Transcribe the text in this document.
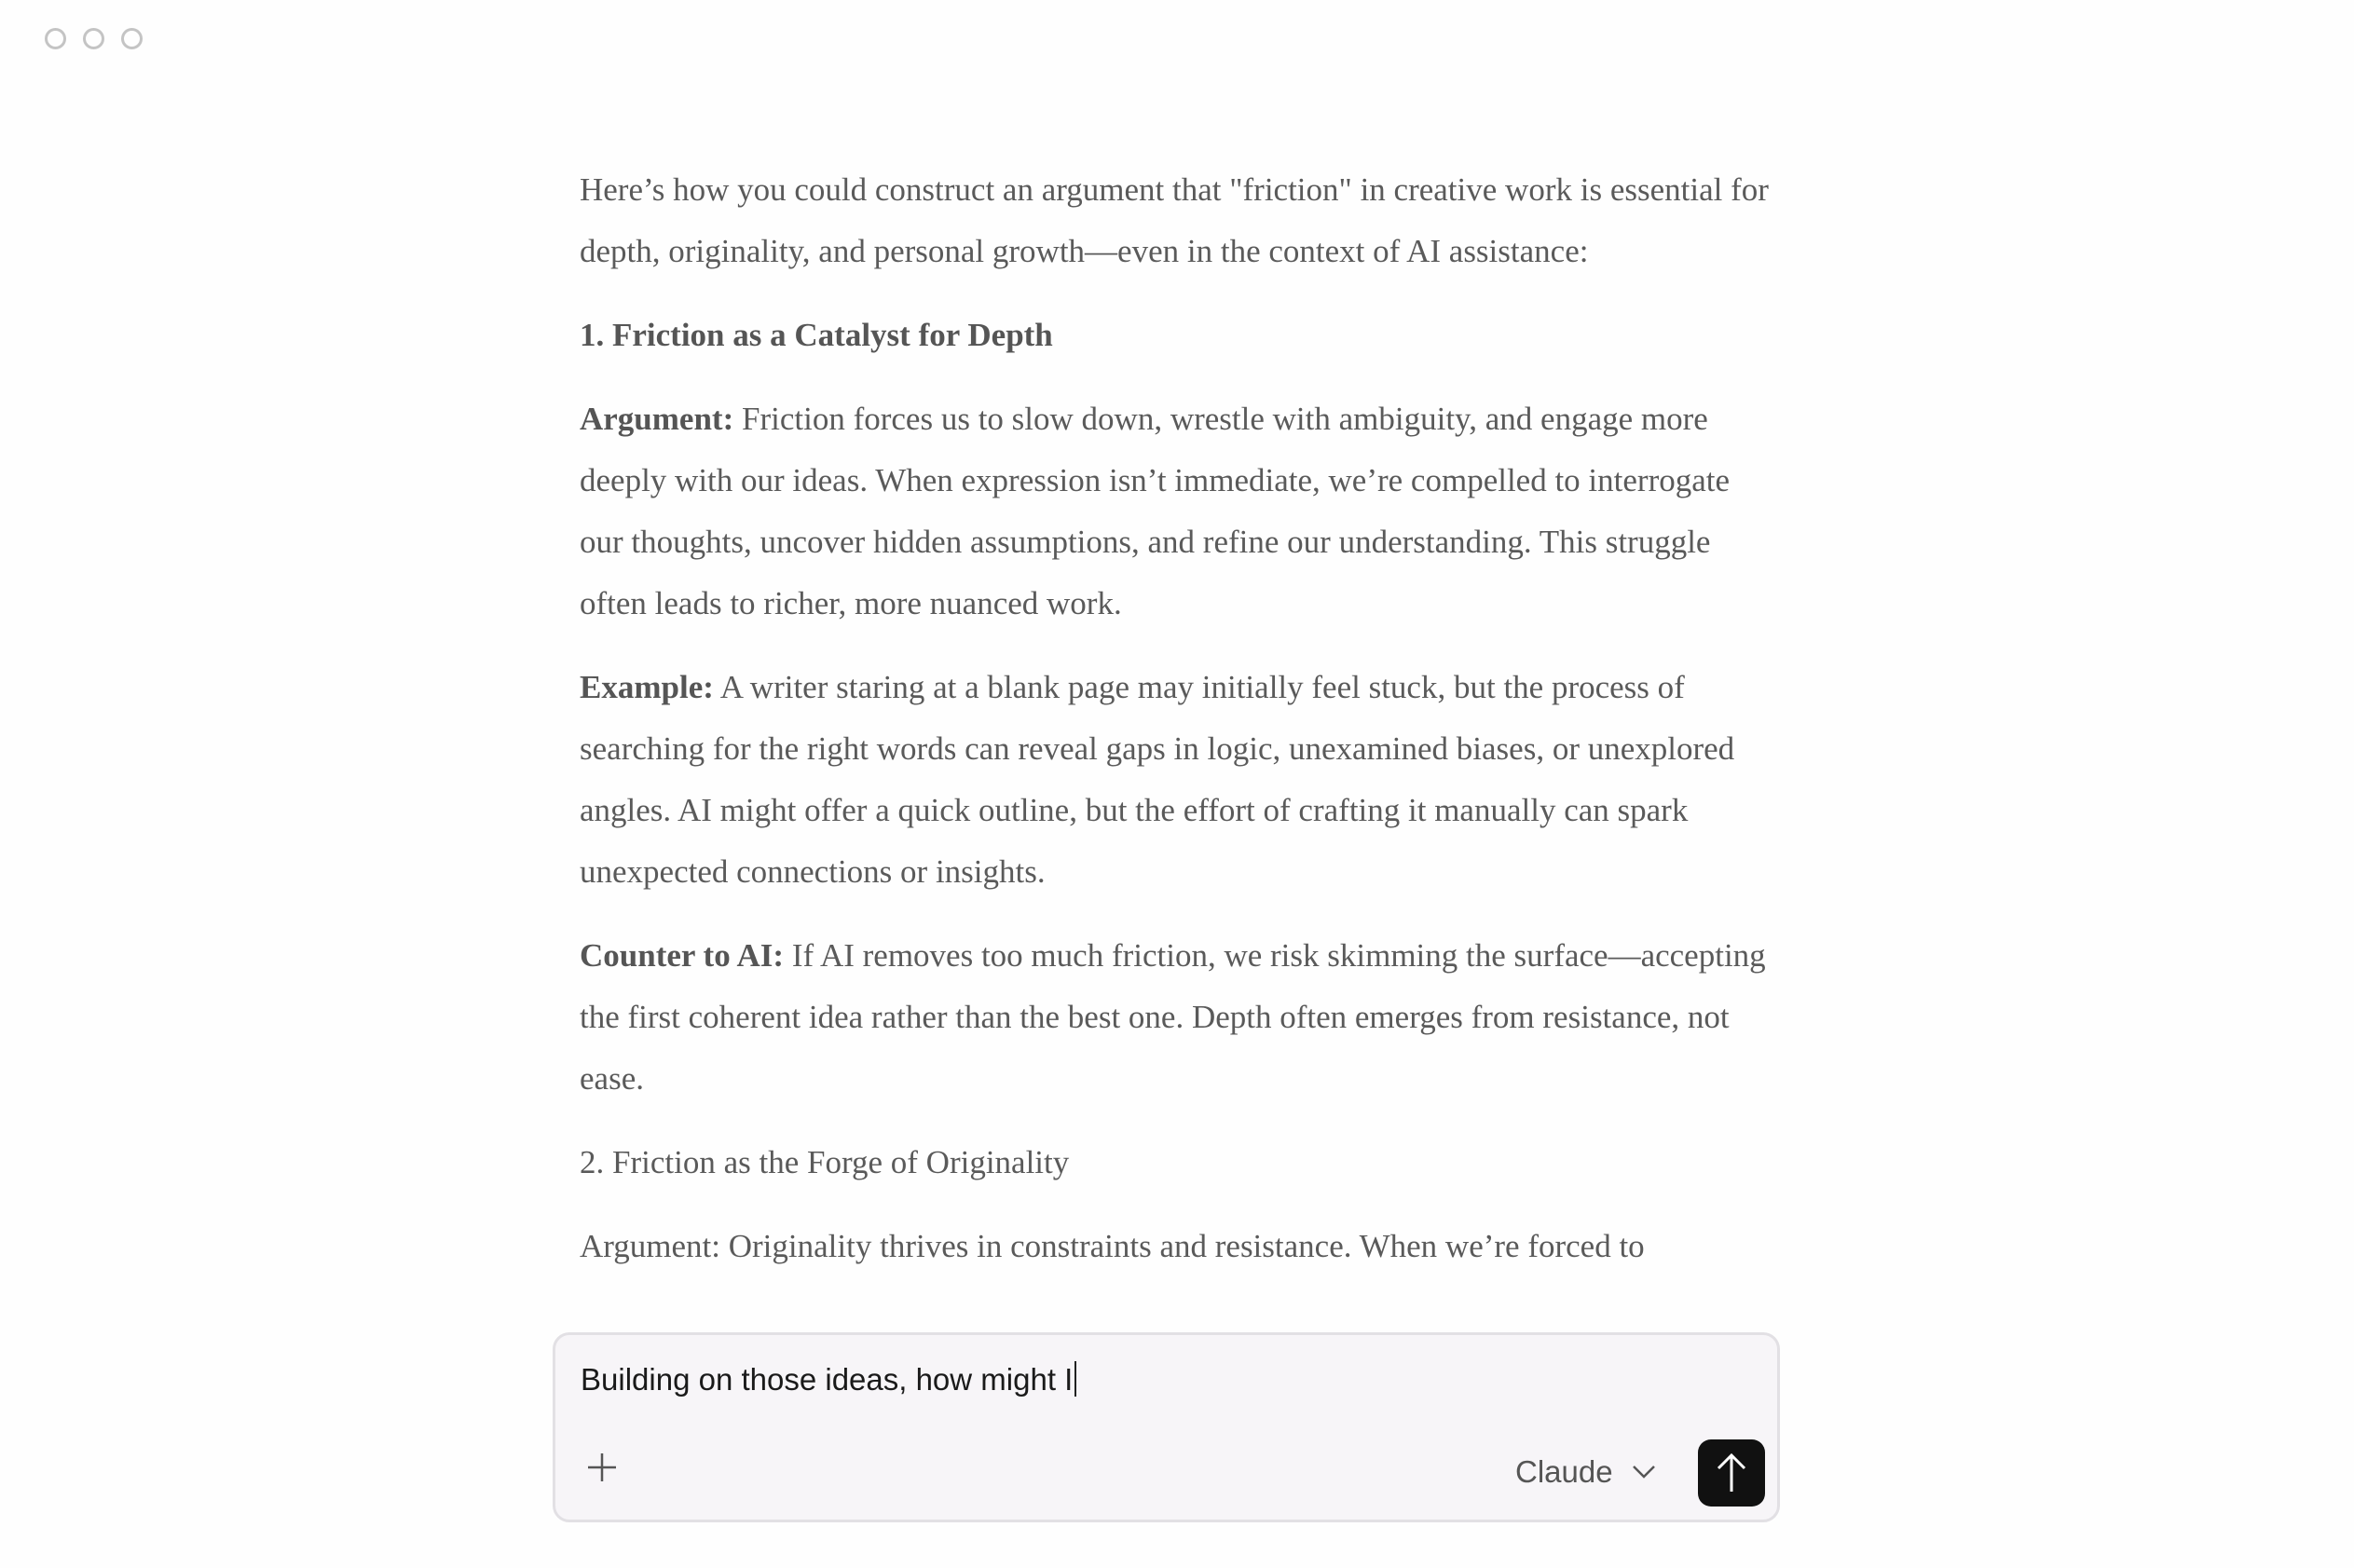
Here’s how you could construct an argument that "friction" in creative work is essential for depth, originality, and personal growth—even in the context of AI assistance:

1. Friction as a Catalyst for Depth

Argument: Friction forces us to slow down, wrestle with ambiguity, and engage more deeply with our ideas. When expression isn’t immediate, we’re compelled to interrogate our thoughts, uncover hidden assumptions, and refine our understanding. This struggle often leads to richer, more nuanced work.

Example: A writer staring at a blank page may initially feel stuck, but the process of searching for the right words can reveal gaps in logic, unexamined biases, or unexplored angles. AI might offer a quick outline, but the effort of crafting it manually can spark unexpected connections or insights.

Counter to AI: If AI removes too much friction, we risk skimming the surface—accepting the first coherent idea rather than the best one. Depth often emerges from resistance, not ease.

2. Friction as the Forge of Originality

Argument: Originality thrives in constraints and resistance. When we’re forced to

Building on those ideas, how might I
Claude
